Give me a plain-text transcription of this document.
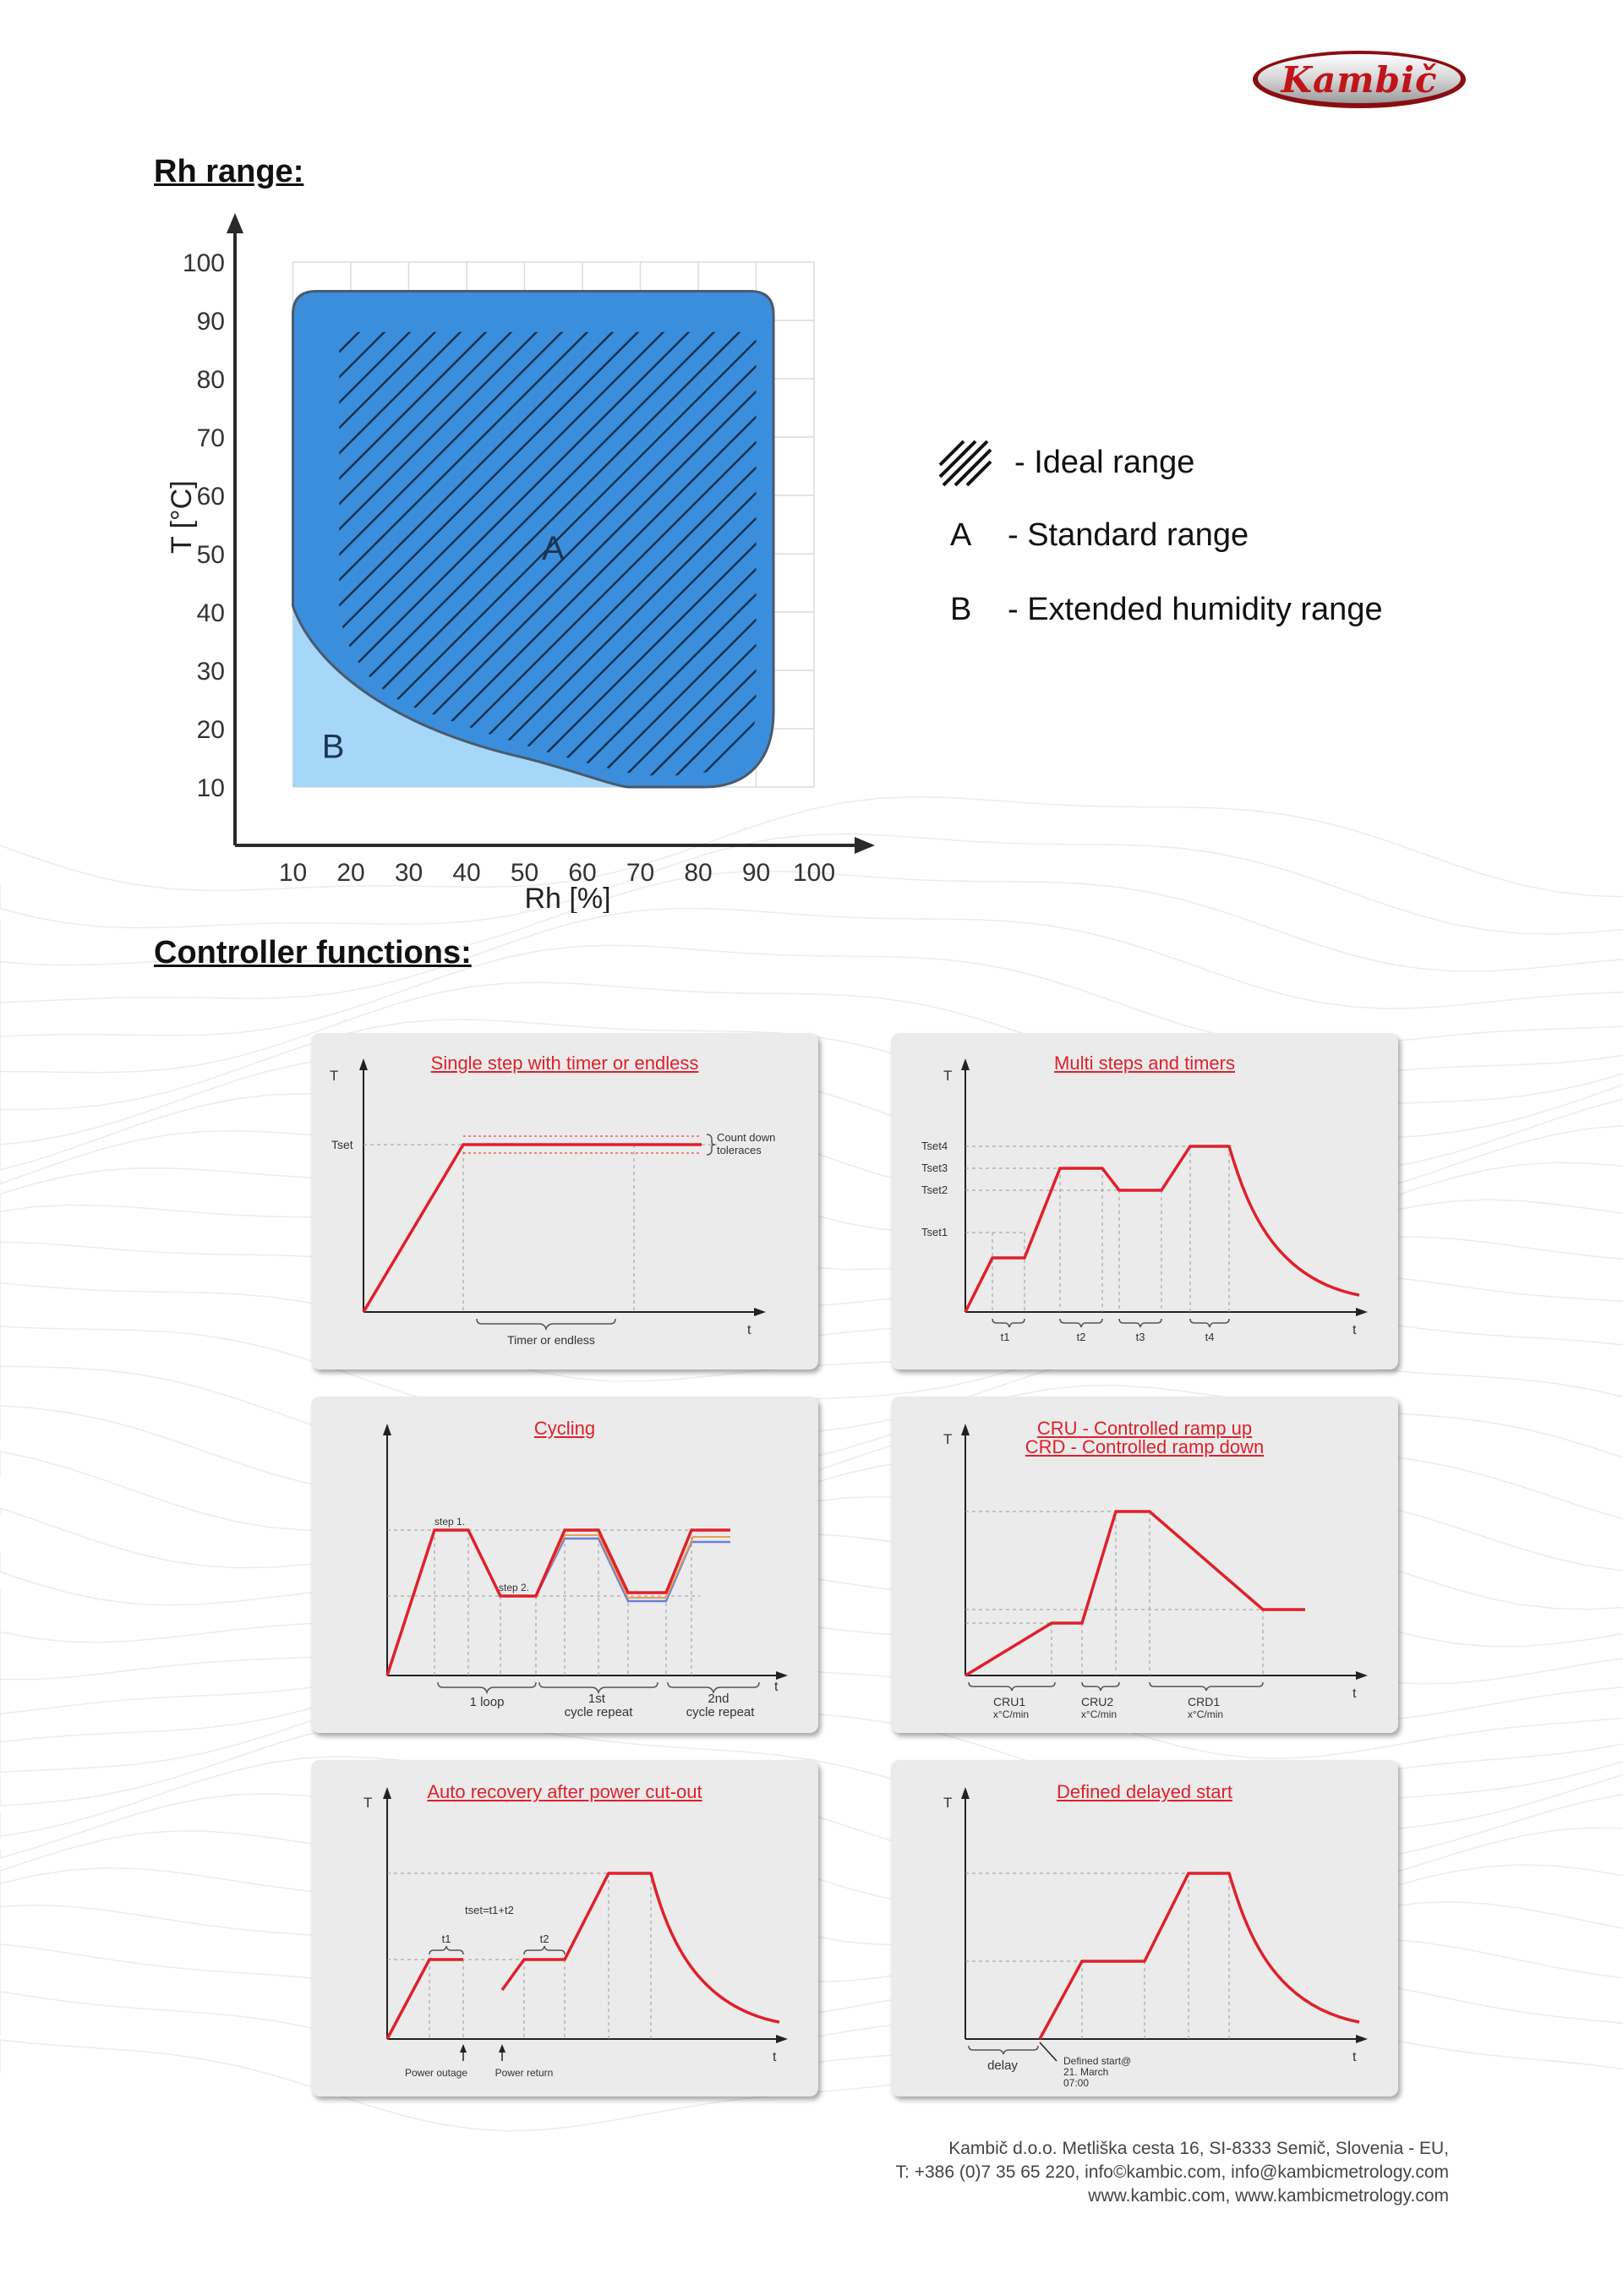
Kambič
Rh range:
10
20
30
40
50
60
70
80
90
100
10 20 30 40 50 60 70 80 90 100
A
B
Rh [%]
T [°C]
- Ideal range
A	- Standard range
B	- Extended humidity range
Controller functions:
T
t
Tset
Count down toleraces
Timer or endless
Single step with timer or endless
T
t
Tset4
Tset3
Tset2
Tset1
t1	t2	t3	t4
Multi steps and timers
t
step 1.
step 2.
1 loop	1st cycle repeat
2nd cycle repeat
Cycling
T
t
CRU1 x°C/min
CRU2 x°C/min
CRD1 x°C/min
CRU - Controlled ramp up
CRD - Controlled ramp down
T
t
tset=t1+t2
t1	t2
Power outage	Power return
Auto recovery after power cut-out
T
t
delay	Defined start@ 21. March 07:00
Defined delayed start
Kambič d.o.o. Metliška cesta 16, SI-8333 Semič, Slovenia - EU,
T: +386 (0)7 35 65 220, info©kambic.com, info@kambicmetrology.com
www.kambic.com, www.kambicmetrology.com
